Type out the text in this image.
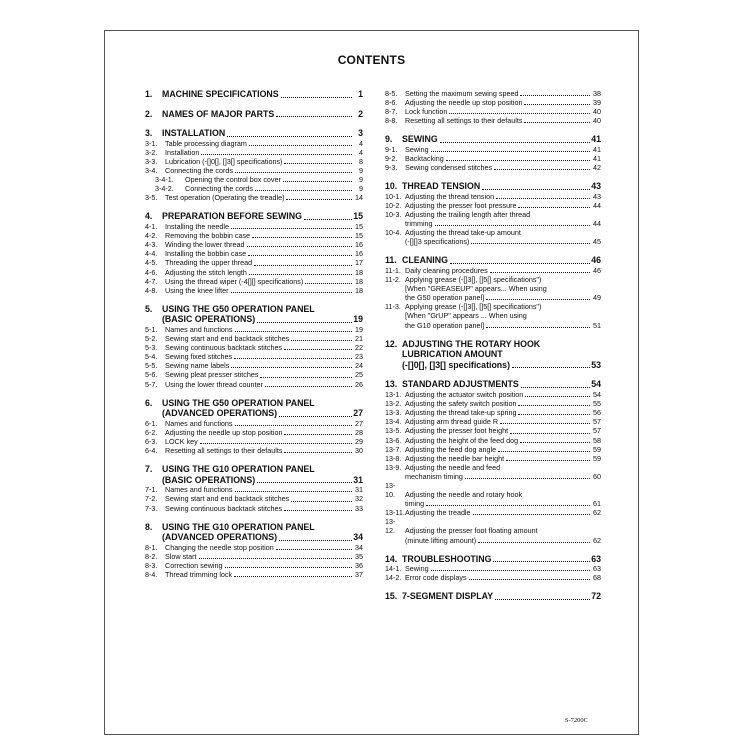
CONTENTS
1.	MACHINE SPECIFICATIONS	1
2.	NAMES OF MAJOR PARTS	2
3.	INSTALLATION	3
3-1.	Table processing diagram	4
3-2.	Installation	4
3-3.	Lubrication (-[]0[], []3[] specifications)	8
3-4.	Connecting the cords	9
3-4-1.	Opening the control box cover	9
3-4-2.	Connecting the cords	9
3-5.	Test operation (Operating the treadle)	14
4.	PREPARATION BEFORE SEWING	15
4-1.	Installing the needle	15
4-2.	Removing the bobbin case	15
4-3.	Winding the lower thread	16
4-4.	Installing the bobbin case	16
4-5.	Threading the upper thread	17
4-6.	Adjusting the stitch length	18
4-7.	Using the thread wiper (-4[][] specifications)	18
4-8.	Using the knee lifter	18
5. USING THE G50 OPERATION PANEL
(BASIC OPERATIONS)	19
5-1.	Names and functions	19
5-2.	Sewing start and end backtack stitches	21
5-3.	Sewing continuous backtack stitches	22
5-4.	Sewing fixed stitches	23
5-5.	Sewing name labels	24
5-6.	Sewing pleat presser stitches	25
5-7.	Using the lower thread counter	26
6. USING THE G50 OPERATION PANEL
(ADVANCED OPERATIONS)	27
6-1.	Names and functions	27
6-2.	Adjusting the needle up stop position	28
6-3.	LOCK key	29
6-4.	Resetting all settings to their defaults	30
7. USING THE G10 OPERATION PANEL
(BASIC OPERATIONS)	31
7-1.	Names and functions	31
7-2.	Sewing start and end backtack stitches	32
7-3.	Sewing continuous backtack stitches	33
8. USING THE G10 OPERATION PANEL
(ADVANCED OPERATIONS)	34
8-1.	Changing the needle stop position	34
8-2.	Slow start	35
8-3.	Correction sewing	36
8-4.	Thread trimming lock	37
8-5.	Setting the maximum sewing speed	38
8-6.	Adjusting the needle up stop position	39
8-7.	Lock function	40
8-8.	Resetting all settings to their defaults	40
9.	SEWING	41
9-1.	Sewing	41
9-2.	Backtacking	41
9-3.	Sewing condensed stitches	42
10. THREAD TENSION	43
10-1. Adjusting the thread tension	43
10-2. Adjusting the presser foot pressure	44
10-3. Adjusting the trailing length after thread
trimming	44
10-4. Adjusting the thread take-up amount
(-[][]3 specifications)	45
11. CLEANING	46
11-1. Daily cleaning procedures	46
11-2. Applying grease (-[]3[], []5[] specifications")
[When "GREASEUP" appears... When using
the G50 operation panel]	49
11-3. Applying grease (-[]3[], []5[] specifications")
[When "GrUP" appears ... When using
the G10 operation panel]	51
12. ADJUSTING THE ROTARY HOOK
LUBRICATION AMOUNT
(-[]0[], []3[] specifications)	53
13. STANDARD ADJUSTMENTS	54
13-1. Adjusting the actuator switch position	54
13-2. Adjusting the safety switch position	55
13-3. Adjusting the thread take-up spring	56
13-4. Adjusting arm thread guide R	57
13-5. Adjusting the presser foot height	57
13-6. Adjusting the height of the feed dog	58
13-7. Adjusting the feed dog angle	59
13-8. Adjusting the needle bar height	59
13-9. Adjusting the needle and feed
mechanism timing	60
13-10. Adjusting the needle and rotary hook
timing	61
13-11. Adjusting the treadle	62
13-12. Adjusting the presser foot floating amount
(minute lifting amount)	62
14. TROUBLESHOOTING	63
14-1. Sewing	63
14-2. Error code displays	68
15. 7-SEGMENT DISPLAY	72
S-7200C
